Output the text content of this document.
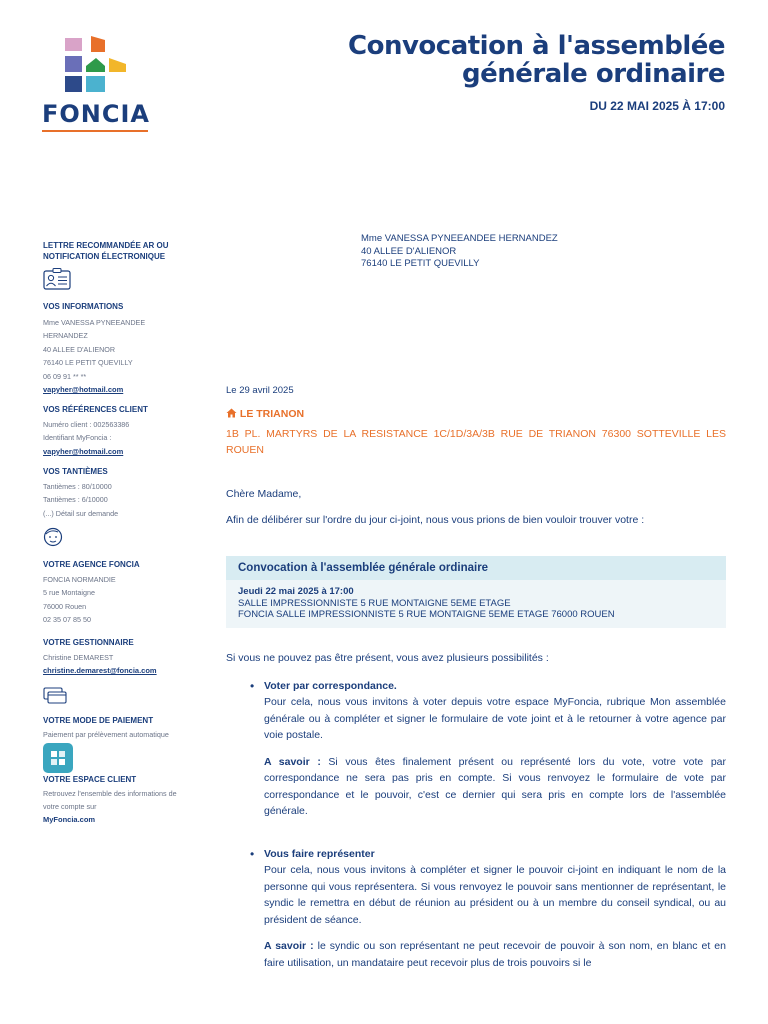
FONCIA
Convocation à l'assemblée
générale ordinaire
DU 22 MAI 2025 À 17:00
Mme VANESSA PYNEEANDEE HERNANDEZ
40 ALLEE D'ALIENOR
76140 LE PETIT QUEVILLY
LETTRE RECOMMANDÉE AR OU
NOTIFICATION ÉLECTRONIQUE
VOS INFORMATIONS
Mme VANESSA PYNEEANDEE
HERNANDEZ
40 ALLEE D'ALIENOR
76140 LE PETIT QUEVILLY
06 09 91 ** **
vapyher@hotmail.com
VOS RÉFÉRENCES CLIENT
Numéro client : 002563386
Identifiant MyFoncia :
vapyher@hotmail.com
VOS TANTIÈMES
Tantièmes : 80/10000
Tantièmes : 6/10000
(...) Détail sur demande
VOTRE AGENCE FONCIA
FONCIA NORMANDIE
5 rue Montaigne
76000 Rouen
02 35 07 85 50
VOTRE GESTIONNAIRE
Christine DEMAREST
christine.demarest@foncia.com
VOTRE MODE DE PAIEMENT
Paiement par prélèvement automatique
VOTRE ESPACE CLIENT
Retrouvez l'ensemble des informations de
votre compte sur
MyFoncia.com
Le 29 avril 2025
LE TRIANON
1B PL. MARTYRS DE LA RESISTANCE 1C/1D/3A/3B RUE DE TRIANON 76300 SOTTEVILLE LES ROUEN
Chère Madame,
Afin de délibérer sur l'ordre du jour ci-joint, nous vous prions de bien vouloir trouver votre :
Convocation à l'assemblée générale ordinaire
Jeudi 22 mai 2025 à 17:00
SALLE IMPRESSIONNISTE 5 RUE MONTAIGNE 5EME ETAGE
FONCIA SALLE IMPRESSIONNISTE 5 RUE MONTAIGNE 5EME ETAGE 76000 ROUEN
Si vous ne pouvez pas être présent, vous avez plusieurs possibilités :
• Voter par correspondance.
Pour cela, nous vous invitons à voter depuis votre espace MyFoncia, rubrique Mon assemblée générale ou à compléter et signer le formulaire de vote joint et à le retourner à votre agence par voie postale.
A savoir : Si vous êtes finalement présent ou représenté lors du vote, votre vote par correspondance ne sera pas pris en compte. Si vous renvoyez le formulaire de vote par correspondance et le pouvoir, c'est ce dernier qui sera pris en compte lors de l'assemblée générale.
• Vous faire représenter
Pour cela, nous vous invitons à compléter et signer le pouvoir ci-joint en indiquant le nom de la personne qui vous représentera. Si vous renvoyez le pouvoir sans mentionner de représentant, le syndic le remettra en début de réunion au président ou à un membre du conseil syndical, ou au président de séance.
A savoir : le syndic ou son représentant ne peut recevoir de pouvoir à son nom, en blanc et en faire utilisation, un mandataire peut recevoir plus de trois pouvoirs si le
